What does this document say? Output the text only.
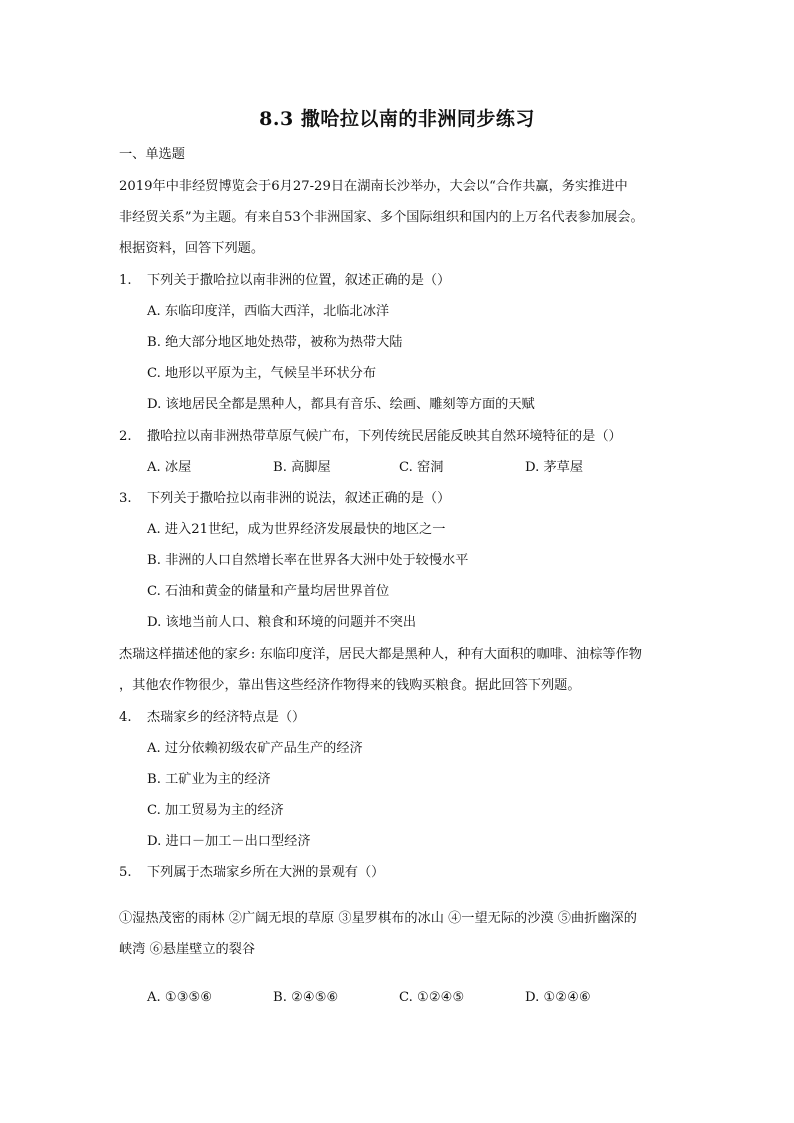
8.3 撒哈拉以南的非洲同步练习
一、单选题
2019年中非经贸博览会于6月27-29日在湖南长沙举办，大会以“合作共赢，务实推进中
非经贸关系”为主题。有来自53个非洲国家、多个国际组织和国内的上万名代表参加展会。
根据资料，回答下列题。
1. 下列关于撒哈拉以南非洲的位置，叙述正确的是（）
A. 东临印度洋，西临大西洋，北临北冰洋
B. 绝大部分地区地处热带，被称为热带大陆
C. 地形以平原为主，气候呈半环状分布
D. 该地居民全都是黑种人，都具有音乐、绘画、雕刻等方面的天赋
2. 撒哈拉以南非洲热带草原气候广布，下列传统民居能反映其自然环境特征的是（）
A. 冰屋	B. 高脚屋	C. 窑洞	D. 茅草屋
3. 下列关于撒哈拉以南非洲的说法，叙述正确的是（）
A. 进入21世纪，成为世界经济发展最快的地区之一
B. 非洲的人口自然增长率在世界各大洲中处于较慢水平
C. 石油和黄金的储量和产量均居世界首位
D. 该地当前人口、粮食和环境的问题并不突出
杰瑞这样描述他的家乡: 东临印度洋，居民大都是黑种人，种有大面积的咖啡、油棕等作物
，其他农作物很少，靠出售这些经济作物得来的钱购买粮食。据此回答下列题。
4. 杰瑞家乡的经济特点是（）
A. 过分依赖初级农矿产品生产的经济
B. 工矿业为主的经济
C. 加工贸易为主的经济
D. 进口－加工－出口型经济
5. 下列属于杰瑞家乡所在大洲的景观有（）
①湿热茂密的雨林 ②广阔无垠的草原 ③星罗棋布的冰山 ④一望无际的沙漠 ⑤曲折幽深的
峡湾 ⑥悬崖壁立的裂谷
A. ①③⑤⑥	B. ②④⑤⑥	C. ①②④⑤	D. ①②④⑥
